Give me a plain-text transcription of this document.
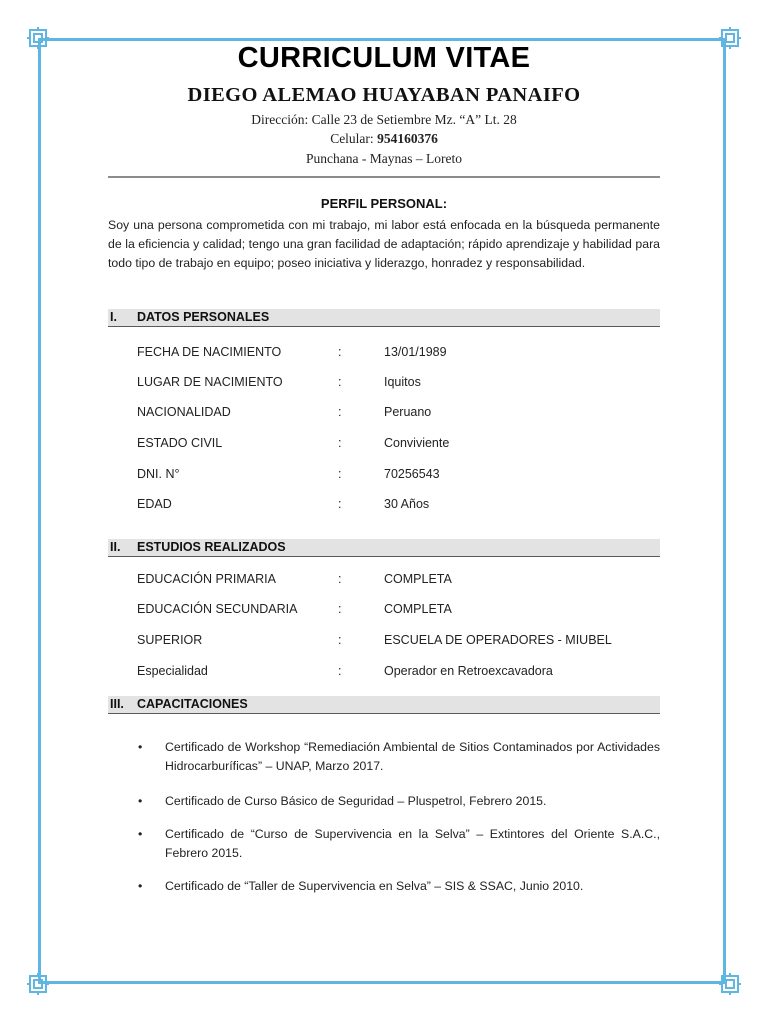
CURRICULUM VITAE
DIEGO ALEMAO HUAYABAN PANAIFO
Dirección: Calle 23 de Setiembre Mz. “A” Lt. 28
Celular: 954160376
Punchana - Maynas – Loreto
PERFIL PERSONAL:
Soy una persona comprometida con mi trabajo, mi labor está enfocada en la búsqueda permanente de la eficiencia y calidad; tengo una gran facilidad de adaptación; rápido aprendizaje y habilidad para todo tipo de trabajo en equipo; poseo iniciativa y liderazgo, honradez y responsabilidad.
I. DATOS PERSONALES
FECHA DE NACIMIENTO	:	13/01/1989
LUGAR DE NACIMIENTO	:	Iquitos
NACIONALIDAD	:	Peruano
ESTADO CIVIL	:	Conviviente
DNI. N°	:	70256543
EDAD	:	30 Años
II. ESTUDIOS REALIZADOS
EDUCACIÓN PRIMARIA	:	COMPLETA
EDUCACIÓN SECUNDARIA	:	COMPLETA
SUPERIOR	:	ESCUELA DE OPERADORES - MIUBEL
Especialidad	:	Operador en Retroexcavadora
III. CAPACITACIONES
• Certificado de Workshop “Remediación Ambiental de Sitios Contaminados por Actividades Hidrocarburíficas” – UNAP, Marzo 2017.
• Certificado de Curso Básico de Seguridad – Pluspetrol, Febrero 2015.
• Certificado de “Curso de Supervivencia en la Selva” – Extintores del Oriente S.A.C., Febrero 2015.
• Certificado de “Taller de Supervivencia en Selva” – SIS & SSAC, Junio 2010.
